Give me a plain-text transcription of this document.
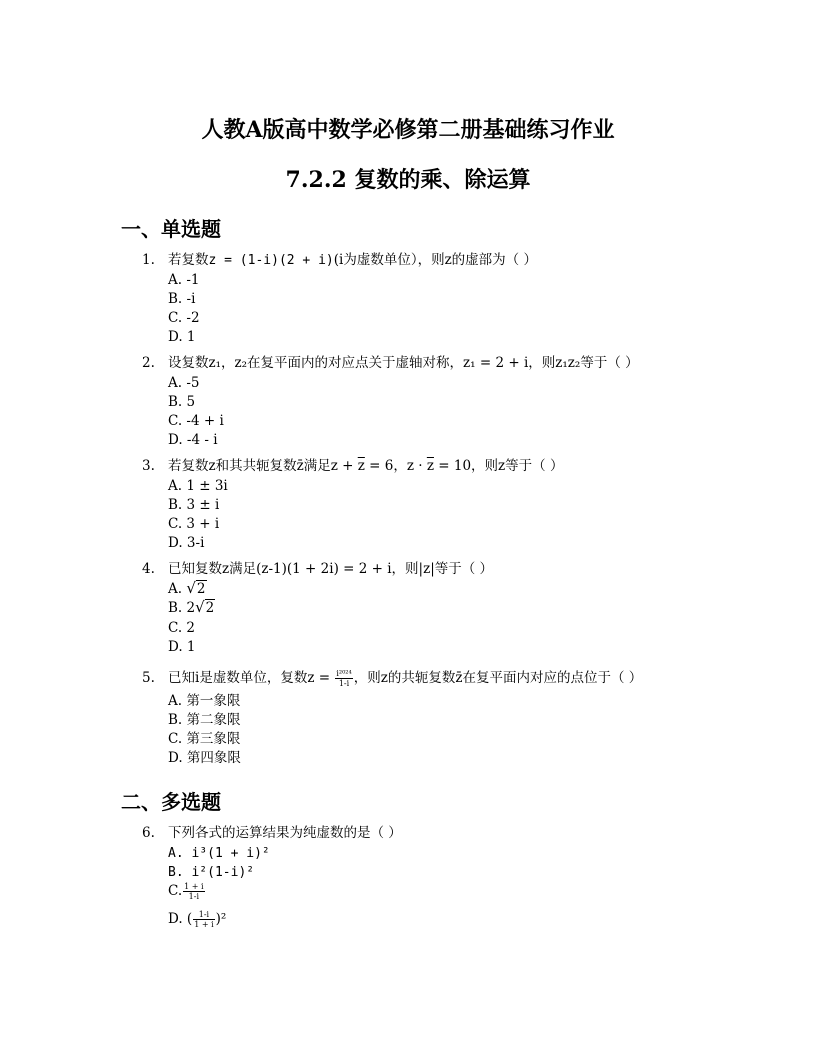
人教A版高中数学必修第二册基础练习作业
7.2.2 复数的乘、除运算
一、单选题
1. 若复数z = (1-i)(2 + i)(i为虚数单位），则z的虚部为（ ）
A. -1
B. -i
C. -2
D. 1
2. 设复数z₁，z₂在复平面内的对应点关于虚轴对称，z₁ = 2 + i，则z₁z₂等于（ ）
A. -5
B. 5
C. -4 + i
D. -4 - i
3. 若复数z和其共轭复数z̄满足$z + \overline{z} = 6$，$z \cdot \overline{z} = 10$，则z等于（ ）
A. 1 ± 3i
B. 3 ± i
C. 3 + i
D. 3-i
4. 已知复数z满足(z-1)(1 + 2i) = 2 + i，则|z|等于（ ）
A. √2
B. 2√2
C. 2
D. 1
5. 已知i是虚数单位，复数$z = \frac{\text{i²⁰²⁴}}{1-i}$ ，则z的共轭复数z̄在复平面内对应的点位于（ ）
A. 第一象限
B. 第二象限
C. 第三象限
D. 第四象限
二、多选题
6. 下列各式的运算结果为纯虚数的是（ ）
A. i³(1 + i)²
B. i²(1-i)²
C. $\frac{1 + i}{1-i}$
D. ( $\frac{1-i}{1 + i} )^2$
